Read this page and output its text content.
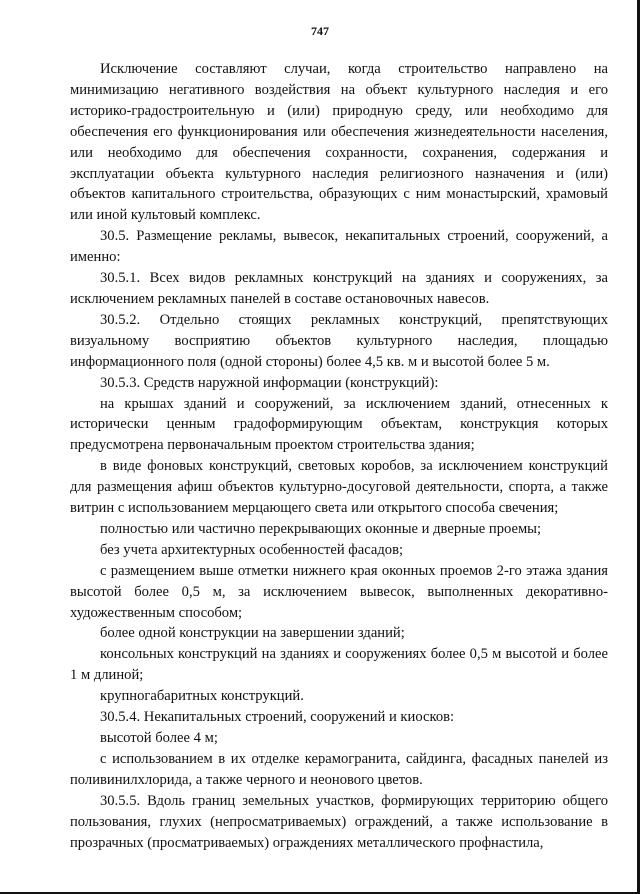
747

Исключение составляют случаи, когда строительство направлено на минимизацию негативного воздействия на объект культурного наследия и его историко-градостроительную и (или) природную среду, или необходимо для обеспечения его функционирования или обеспечения жизнедеятельности населения, или необходимо для обеспечения сохранности, сохранения, содержания и эксплуатации объекта культурного наследия религиозного назначения и (или) объектов капитального строительства, образующих с ним монастырский, храмовый или иной культовый комплекс.

30.5. Размещение рекламы, вывесок, некапитальных строений, сооружений, а именно:

30.5.1. Всех видов рекламных конструкций на зданиях и сооружениях, за исключением рекламных панелей в составе остановочных навесов.

30.5.2. Отдельно стоящих рекламных конструкций, препятствующих визуальному восприятию объектов культурного наследия, площадью информационного поля (одной стороны) более 4,5 кв. м и высотой более 5 м.

30.5.3. Средств наружной информации (конструкций):

на крышах зданий и сооружений, за исключением зданий, отнесенных к исторически ценным градоформирующим объектам, конструкция которых предусмотрена первоначальным проектом строительства здания;

в виде фоновых конструкций, световых коробов, за исключением конструкций для размещения афиш объектов культурно-досуговой деятельности, спорта, а также витрин с использованием мерцающего света или открытого способа свечения;

полностью или частично перекрывающих оконные и дверные проемы;

без учета архитектурных особенностей фасадов;

с размещением выше отметки нижнего края оконных проемов 2-го этажа здания высотой более 0,5 м, за исключением вывесок, выполненных декоративно-художественным способом;

более одной конструкции на завершении зданий;

консольных конструкций на зданиях и сооружениях более 0,5 м высотой и более 1 м длиной;

крупногабаритных конструкций.

30.5.4. Некапитальных строений, сооружений и киосков:

высотой более 4 м;

с использованием в их отделке керамогранита, сайдинга, фасадных панелей из поливинилхлорида, а также черного и неонового цветов.

30.5.5. Вдоль границ земельных участков, формирующих территорию общего пользования, глухих (непросматриваемых) ограждений, а также использование в прозрачных (просматриваемых) ограждениях металлического профнастила,
